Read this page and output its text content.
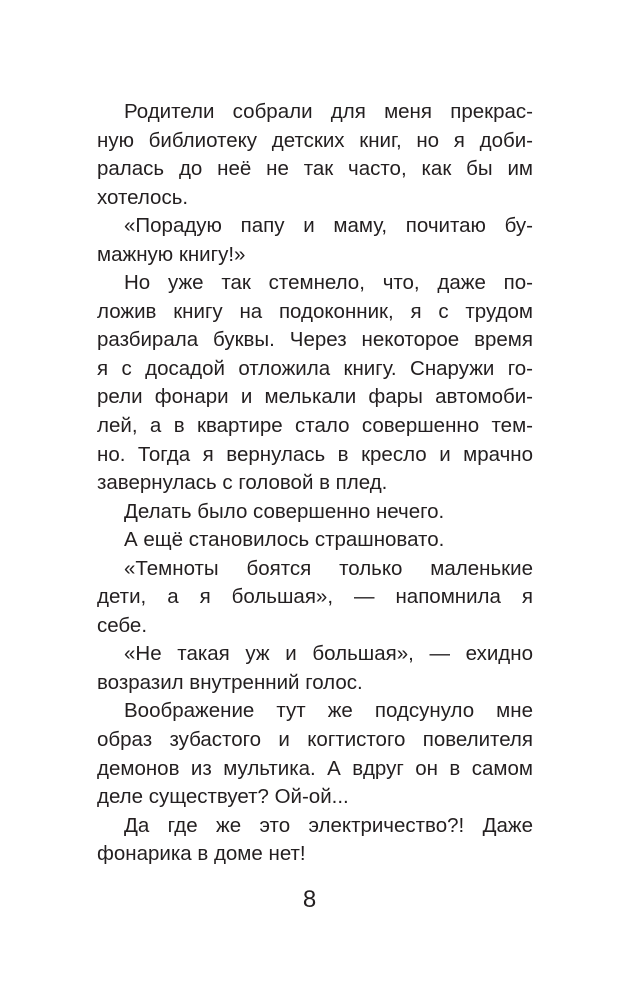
Родители собрали для меня прекрас-
ную библиотеку детских книг, но я доби-
ралась до неё не так часто, как бы им
хотелось.
«Порадую папу и маму, почитаю бу-
мажную книгу!»
Но уже так стемнело, что, даже по-
ложив книгу на подоконник, я с трудом
разбирала буквы. Через некоторое время
я с досадой отложила книгу. Снаружи го-
рели фонари и мелькали фары автомоби-
лей, а в квартире стало совершенно тем-
но. Тогда я вернулась в кресло и мрачно
завернулась с головой в плед.
Делать было совершенно нечего.
А ещё становилось страшновато.
«Темноты боятся только маленькие
дети, а я большая», — напомнила я
себе.
«Не такая уж и большая», — ехидно
возразил внутренний голос.
Воображение тут же подсунуло мне
образ зубастого и когтистого повелителя
демонов из мультика. А вдруг он в самом
деле существует? Ой-ой...
Да где же это электричество?! Даже
фонарика в доме нет!
8
